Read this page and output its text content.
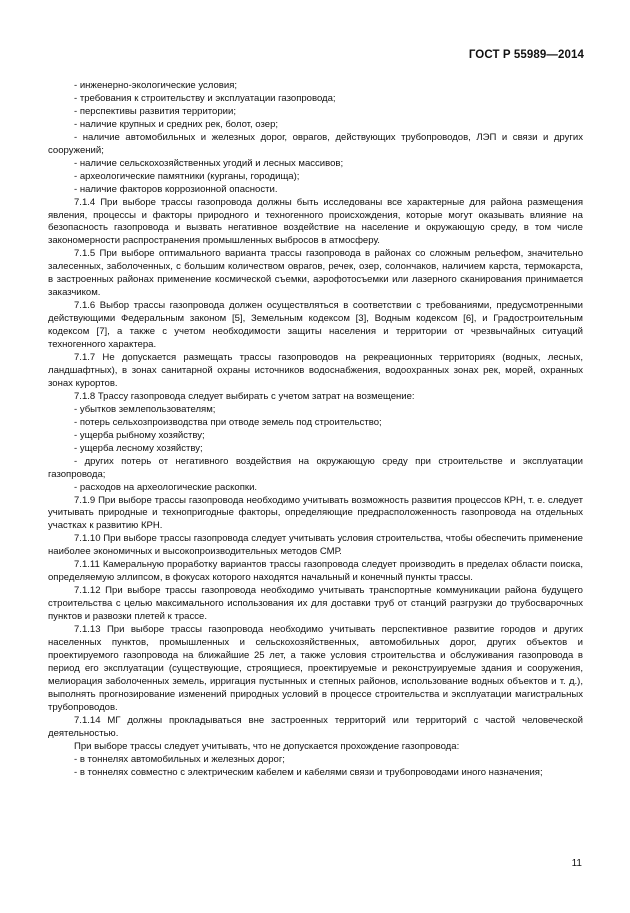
ГОСТ Р 55989—2014

- инженерно-экологические условия;

- требования к строительству и эксплуатации газопровода;

- перспективы развития территории;

- наличие крупных и средних рек, болот, озер;

- наличие автомобильных и железных дорог, оврагов, действующих трубопроводов, ЛЭП и связи и других сооружений;

- наличие сельскохозяйственных угодий и лесных массивов;

- археологические памятники (курганы, городища);

- наличие факторов коррозионной опасности.

7.1.4 При выборе трассы газопровода должны быть исследованы все характерные для района размещения явления, процессы и факторы природного и техногенного происхождения, которые могут оказывать влияние на безопасность газопровода и вызвать негативное воздействие на население и окружающую среду, в том числе закономерности распространения промышленных выбросов в атмосферу.

7.1.5 При выборе оптимального варианта трассы газопровода в районах со сложным рельефом, значительно залесенных, заболоченных, с большим количеством оврагов, речек, озер, солончаков, наличием карста, термокарста, в застроенных районах применение космической съемки, аэрофотосъемки или лазерного сканирования принимается заказчиком.

7.1.6 Выбор трассы газопровода должен осуществляться в соответствии с требованиями, предусмотренными действующими Федеральным законом [5], Земельным кодексом [3], Водным кодексом [6], и Градостроительным кодексом [7], а также с учетом необходимости защиты населения и территории от чрезвычайных ситуаций техногенного характера.

7.1.7 Не допускается размещать трассы газопроводов на рекреационных территориях (водных, лесных, ландшафтных), в зонах санитарной охраны источников водоснабжения, водоохранных зонах рек, морей, охранных зонах курортов.

7.1.8 Трассу газопровода следует выбирать с учетом затрат на возмещение:

- убытков землепользователям;

- потерь сельхозпроизводства при отводе земель под строительство;

- ущерба рыбному хозяйству;

- ущерба лесному хозяйству;

- других потерь от негативного воздействия на окружающую среду при строительстве и эксплуатации газопровода;

- расходов на археологические раскопки.

7.1.9 При выборе трассы газопровода необходимо учитывать возможность развития процессов КРН, т. е. следует учитывать природные и технопригодные факторы, определяющие предрасположенность газопровода на отдельных участках к развитию КРН.

7.1.10 При выборе трассы газопровода следует учитывать условия строительства, чтобы обеспечить применение наиболее экономичных и высокопроизводительных методов СМР.

7.1.11 Камеральную проработку вариантов трассы газопровода следует производить в пределах области поиска, определяемую эллипсом, в фокусах которого находятся начальный и конечный пункты трассы.

7.1.12 При выборе трассы газопровода необходимо учитывать транспортные коммуникации района будущего строительства с целью максимального использования их для доставки труб от станций разгрузки до трубосварочных пунктов и развозки плетей к трассе.

7.1.13 При выборе трассы газопровода необходимо учитывать перспективное развитие городов и других населенных пунктов, промышленных и сельскохозяйственных, автомобильных дорог, других объектов и проектируемого газопровода на ближайшие 25 лет, а также условия строительства и обслуживания газопровода в период его эксплуатации (существующие, строящиеся, проектируемые и реконструируемые здания и сооружения, мелиорация заболоченных земель, ирригация пустынных и степных районов, использование водных объектов и т. д.), выполнять прогнозирование изменений природных условий в процессе строительства и эксплуатации магистральных трубопроводов.

7.1.14 МГ должны прокладываться вне застроенных территорий или территорий с частой человеческой деятельностью.

При выборе трассы следует учитывать, что не допускается прохождение газопровода:

- в тоннелях автомобильных и железных дорог;

- в тоннелях совместно с электрическим кабелем и кабелями связи и трубопроводами иного назначения;

11
